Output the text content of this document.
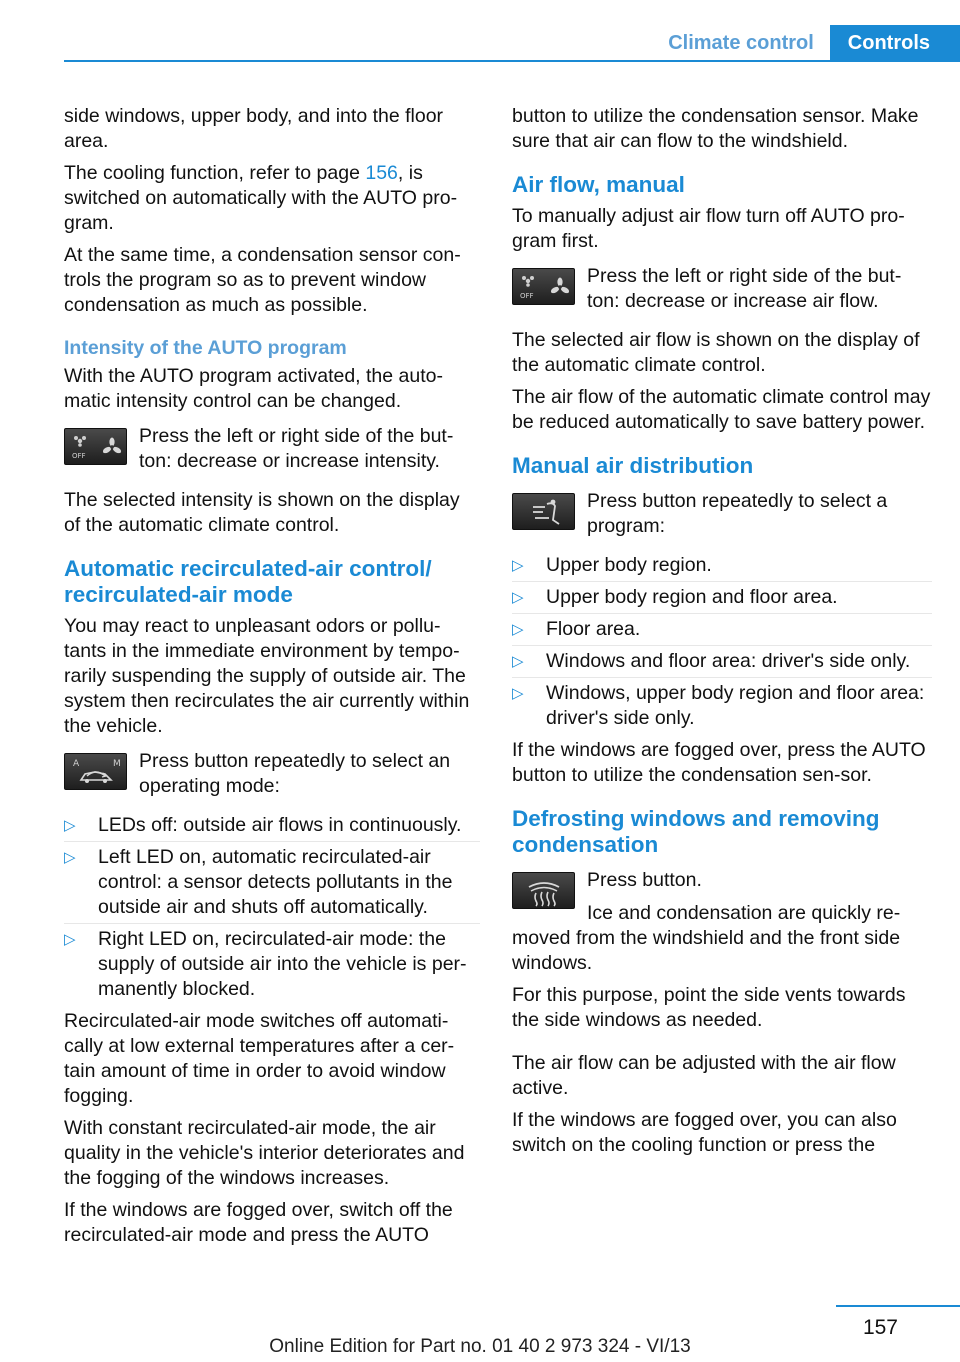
Climate control	Controls

side windows, upper body, and into the floor area.

The cooling function, refer to page 156, is switched on automatically with the AUTO pro-gram.

At the same time, a condensation sensor con-trols the program so as to prevent window condensation as much as possible.

Intensity of the AUTO program

With the AUTO program activated, the auto-matic intensity control can be changed.

OFF
Press the left or right side of the but-ton: decrease or increase intensity.

The selected intensity is shown on the display of the automatic climate control.

Automatic recirculated-air control/ recirculated-air mode

You may react to unpleasant odors or pollu-tants in the immediate environment by tempo-rarily suspending the supply of outside air. The system then recirculates the air currently within the vehicle.

A	M Press button repeatedly to select an operating mode:
▷ LEDs off: outside air flows in continuously.
▷ Left LED on, automatic recirculated-air control: a sensor detects pollutants in the outside air and shuts off automatically.
▷ Right LED on, recirculated-air mode: the supply of outside air into the vehicle is per-manently blocked.

Recirculated-air mode switches off automati-cally at low external temperatures after a cer-tain amount of time in order to avoid window fogging.

With constant recirculated-air mode, the air quality in the vehicle's interior deteriorates and the fogging of the windows increases.

If the windows are fogged over, switch off the recirculated-air mode and press the AUTO

button to utilize the condensation sensor. Make sure that air can flow to the windshield.

Air flow, manual

To manually adjust air flow turn off AUTO pro-gram first.

OFF
Press the left or right side of the but-ton: decrease or increase air flow.

The selected air flow is shown on the display of the automatic climate control.

The air flow of the automatic climate control may be reduced automatically to save battery power.

Manual air distribution
Press button repeatedly to select a program:
▷ Upper body region.
▷ Upper body region and floor area.
▷ Floor area.
▷ Windows and floor area: driver's side only.
▷ Windows, upper body region and floor area: driver's side only.

If the windows are fogged over, press the AUTO button to utilize the condensation sen-sor.

Defrosting windows and removing condensation
Press button.

Ice and condensation are quickly re-moved from the windshield and the front side windows.

For this purpose, point the side vents towards the side windows as needed.

The air flow can be adjusted with the air flow active.

If the windows are fogged over, you can also switch on the cooling function or press the

157
Online Edition for Part no. 01 40 2 973 324 - VI/13
